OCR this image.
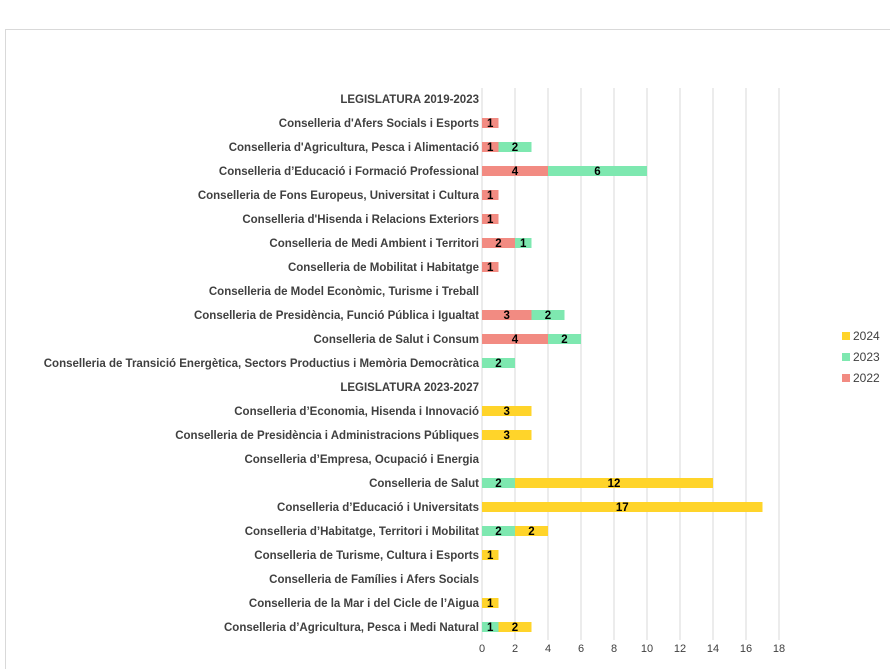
1
1 2
4	6
1
1
2 1
1
3	2
4	2
2
3
3
2	12
17
2 2
1
1
1 2
LEGISLATURA 2019-2023
Conselleria d'Afers Socials i Esports
Conselleria d'Agricultura, Pesca i Alimentació
Conselleria d’Educació i Formació Professional
Conselleria de Fons Europeus, Universitat i Cultura
Conselleria d'Hisenda i Relacions Exteriors
Conselleria de Medi Ambient i Territori
Conselleria de Mobilitat i Habitatge
Conselleria de Model Econòmic, Turisme i Treball
Conselleria de Presidència, Funció Pública i Igualtat
Conselleria de Salut i Consum
Conselleria de Transició Energètica, Sectors Productius i Memòria Democràtica
LEGISLATURA 2023-2027
Conselleria d’Economia, Hisenda i Innovació
Conselleria de Presidència i Administracions Públiques
Conselleria d’Empresa, Ocupació i Energia
Conselleria de Salut
Conselleria d’Educació i Universitats
Conselleria d’Habitatge, Territori i Mobilitat
Conselleria de Turisme, Cultura i Esports
Conselleria de Famílies i Afers Socials
Conselleria de la Mar i del Cicle de l’Aigua
Conselleria d’Agricultura, Pesca i Medi Natural
0 2 4 6 8 10 12 14 16 18
2024
2023
2022
